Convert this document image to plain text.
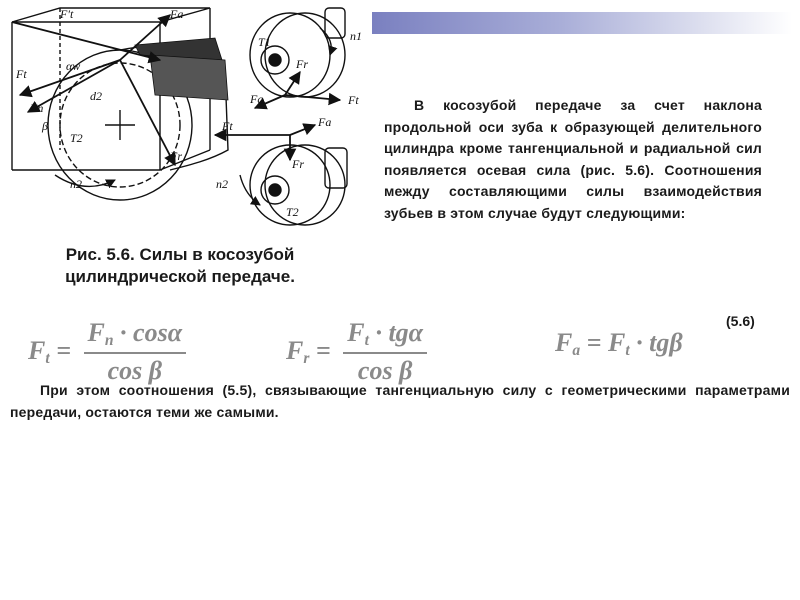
F′t	Fa
Ft
αw
Fn
d2
β
T2
Fr
n2
n1
T1
Fr
Fa	Ft
Ft	Fa
Fr
n2
T2
Рис. 5.6. Силы в косозубой цилиндрической передаче.
В косозубой передаче за счет наклона продольной оси зуба к образующей делительного цилиндра кроме тангенциальной и радиальной сил появляется осевая сила (рис. 5.6). Соотношения между составляющими силы взаимодействия зубьев в этом случае будут следующими:
(5.6)
$F_t = \frac{F_n \cdot \cos\alpha}{\text{cos β}}$	$F_r = \frac{F_t \cdot tg\alpha}{\text{cos β}}$	$F_a = F_t \cdot tg\beta$
При этом соотношения (5.5), связывающие тангенциальную силу с геометрическими параметрами передачи, остаются теми же самыми.
